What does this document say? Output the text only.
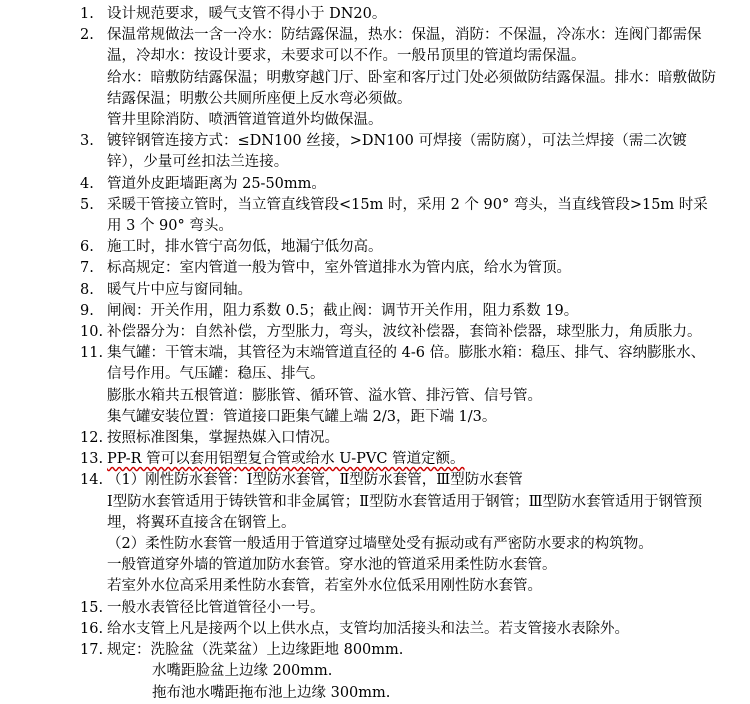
1. 设计规范要求，暖气支管不得小于 DN20。
2. 保温常规做法一含一冷水：防结露保温，热水：保温，消防：不保温，冷冻水：连阀门都需保温，冷却水：按设计要求，未要求可以不作。一般吊顶里的管道均需保温。
给水：暗敷防结露保温；明敷穿越门厅、卧室和客厅过门处必须做防结露保温。排水：暗敷做防结露保温；明敷公共厕所座便上反水弯必须做。
管井里除消防、喷洒管道管道外均做保温。
3. 镀锌钢管连接方式：≤DN100 丝接，>DN100 可焊接（需防腐），可法兰焊接（需二次镀锌），少量可丝扣法兰连接。
4. 管道外皮距墙距离为 25-50mm。
5. 采暖干管接立管时，当立管直线管段<15m 时，采用 2 个 90° 弯头，当直线管段>15m 时采用 3 个 90° 弯头。
6. 施工时，排水管宁高勿低，地漏宁低勿高。
7. 标高规定：室内管道一般为管中，室外管道排水为管内底，给水为管顶。
8. 暖气片中应与窗同轴。
9. 闸阀：开关作用，阻力系数 0.5；截止阀：调节开关作用，阻力系数 19。
10. 补偿器分为：自然补偿，方型胀力，弯头，波纹补偿器，套筒补偿器，球型胀力，角质胀力。
11. 集气罐：干管末端，其管径为末端管道直径的 4-6 倍。膨胀水箱：稳压、排气、容纳膨胀水、信号作用。气压罐：稳压、排气。
膨胀水箱共五根管道：膨胀管、循环管、溢水管、排污管、信号管。
集气罐安装位置：管道接口距集气罐上端 2/3，距下端 1/3。
12. 按照标准图集，掌握热媒入口情况。
13. PP-R 管可以套用铝塑复合管或给水 U-PVC 管道定额。
14. （1）刚性防水套管：Ⅰ型防水套管，Ⅱ型防水套管，Ⅲ型防水套管
Ⅰ型防水套管适用于铸铁管和非金属管；Ⅱ型防水套管适用于钢管；Ⅲ型防水套管适用于钢管预埋，将翼环直接含在钢管上。
（2）柔性防水套管一般适用于管道穿过墙壁处受有振动或有严密防水要求的构筑物。
一般管道穿外墙的管道加防水套管。穿水池的管道采用柔性防水套管。
若室外水位高采用柔性防水套管，若室外水位低采用刚性防水套管。
15. 一般水表管径比管道管径小一号。
16. 给水支管上凡是接两个以上供水点，支管均加活接头和法兰。若支管接水表除外。
17. 规定：洗脸盆（洗菜盆）上边缘距地 800mm.
水嘴距脸盆上边缘 200mm.
拖布池水嘴距拖布池上边缘 300mm.
